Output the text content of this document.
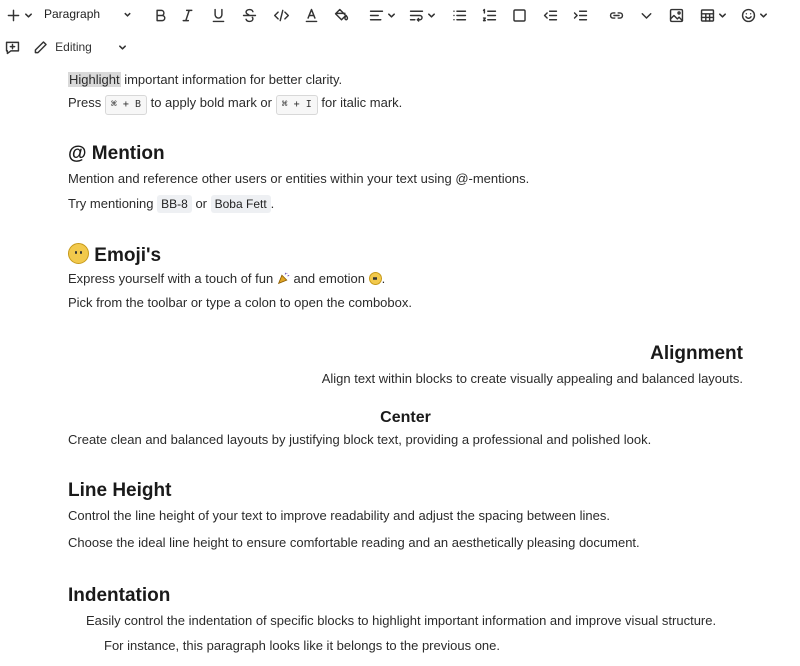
Paragraph
Editing
Highlight important information for better clarity.
Press ⌘ + B to apply bold mark or ⌘ + I for italic mark.
@ Mention
Mention and reference other users or entities within your text using @-mentions.
Try mentioning BB-8 or Boba Fett .
Emoji's
Express yourself with a touch of fun and emotion .
Pick from the toolbar or type a colon to open the combobox.
Alignment
Align text within blocks to create visually appealing and balanced layouts.
Center
Create clean and balanced layouts by justifying block text, providing a professional and polished look.
Line Height
Control the line height of your text to improve readability and adjust the spacing between lines.
Choose the ideal line height to ensure comfortable reading and an aesthetically pleasing document.
Indentation
Easily control the indentation of specific blocks to highlight important information and improve visual structure.
For instance, this paragraph looks like it belongs to the previous one.
